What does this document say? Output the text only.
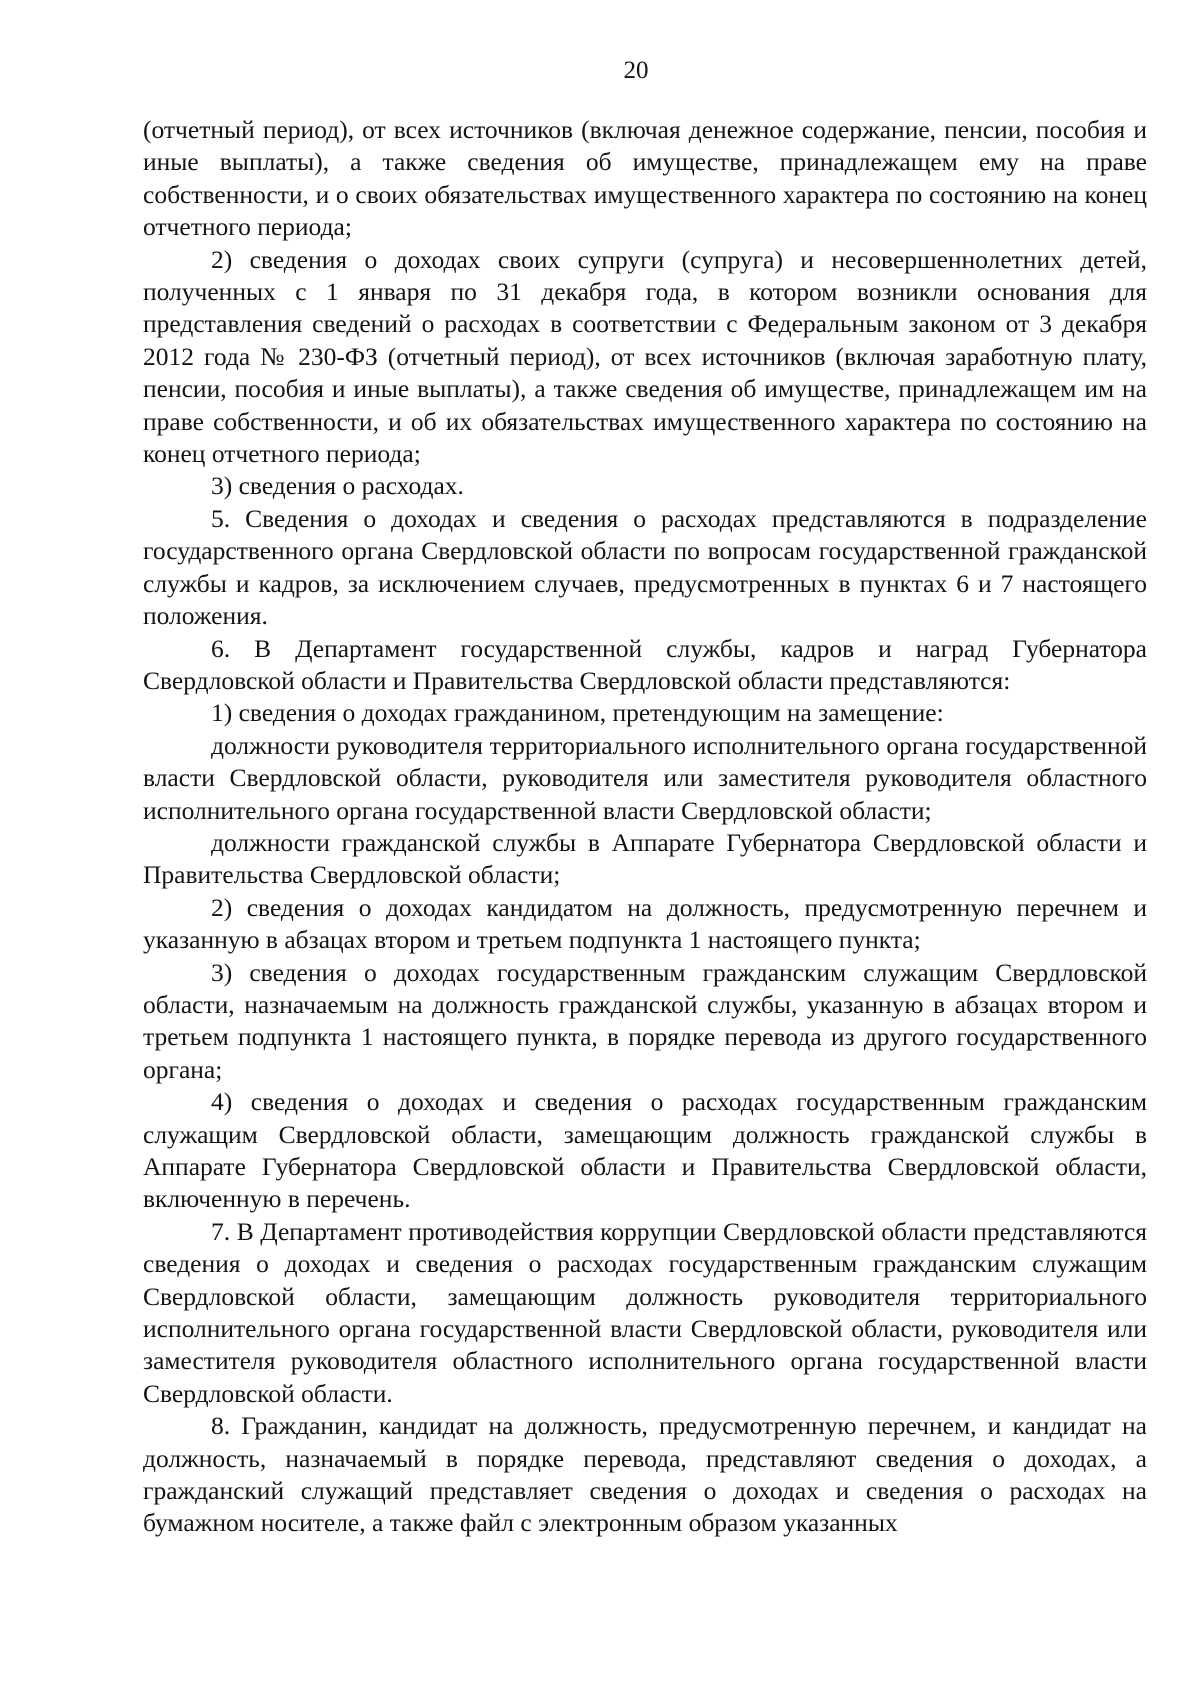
20

(отчетный период), от всех источников (включая денежное содержание, пенсии, пособия и иные выплаты), а также сведения об имуществе, принадлежащем ему на праве собственности, и о своих обязательствах имущественного характера по состоянию на конец отчетного периода;

2) сведения о доходах своих супруги (супруга) и несовершеннолетних детей, полученных с 1 января по 31 декабря года, в котором возникли основания для представления сведений о расходах в соответствии с Федеральным законом от 3 декабря 2012 года № 230-ФЗ (отчетный период), от всех источников (включая заработную плату, пенсии, пособия и иные выплаты), а также сведения об имуществе, принадлежащем им на праве собственности, и об их обязательствах имущественного характера по состоянию на конец отчетного периода;

3) сведения о расходах.

5. Сведения о доходах и сведения о расходах представляются в подразделение государственного органа Свердловской области по вопросам государственной гражданской службы и кадров, за исключением случаев, предусмотренных в пунктах 6 и 7 настоящего положения.

6. В Департамент государственной службы, кадров и наград Губернатора Свердловской области и Правительства Свердловской области представляются:

1) сведения о доходах гражданином, претендующим на замещение:

должности руководителя территориального исполнительного органа государственной власти Свердловской области, руководителя или заместителя руководителя областного исполнительного органа государственной власти Свердловской области;

должности гражданской службы в Аппарате Губернатора Свердловской области и Правительства Свердловской области;

2) сведения о доходах кандидатом на должность, предусмотренную перечнем и указанную в абзацах втором и третьем подпункта 1 настоящего пункта;

3) сведения о доходах государственным гражданским служащим Свердловской области, назначаемым на должность гражданской службы, указанную в абзацах втором и третьем подпункта 1 настоящего пункта, в порядке перевода из другого государственного органа;

4) сведения о доходах и сведения о расходах государственным гражданским служащим Свердловской области, замещающим должность гражданской службы в Аппарате Губернатора Свердловской области и Правительства Свердловской области, включенную в перечень.

7. В Департамент противодействия коррупции Свердловской области представляются сведения о доходах и сведения о расходах государственным гражданским служащим Свердловской области, замещающим должность руководителя территориального исполнительного органа государственной власти Свердловской области, руководителя или заместителя руководителя областного исполнительного органа государственной власти Свердловской области.

8. Гражданин, кандидат на должность, предусмотренную перечнем, и кандидат на должность, назначаемый в порядке перевода, представляют сведения о доходах, а гражданский служащий представляет сведения о доходах и сведения о расходах на бумажном носителе, а также файл с электронным образом указанных
